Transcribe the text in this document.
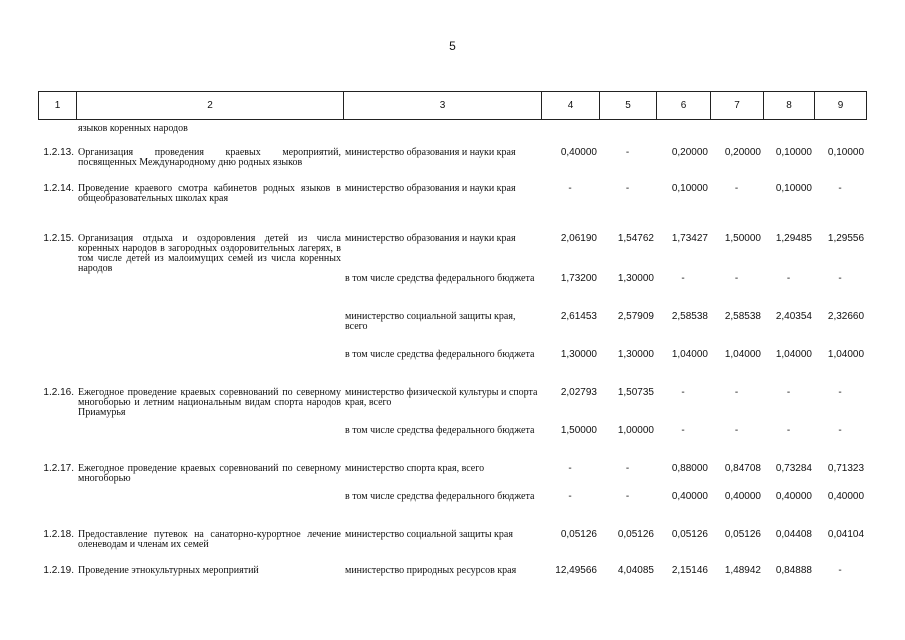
5
1	2	3	4	5	6	7	8	9
	языков коренных народов							
1.2.13.	Организация проведения краевых мероприятий, посвященных Международному дню родных языков	министерство образования и науки края	0,40000	-	0,20000	0,20000	0,10000	0,10000
1.2.14.	Проведение краевого смотра кабинетов родных языков в общеобразовательных школах края	министерство образования и науки края	-	-	0,10000	-	0,10000	-
1.2.15.	Организация отдыха и оздоровления детей из числа коренных народов в загородных оздоровительных лагерях, в том числе детей из малоимущих семей из числа коренных народов	министерство образования и науки края	2,06190	1,54762	1,73427	1,50000	1,29485	1,29556
		в том числе средства федерального бюджета	1,73200	1,30000	-	-	-	-
		министерство социальной защиты края, всего	2,61453	2,57909	2,58538	2,58538	2,40354	2,32660
		в том числе средства федерального бюджета	1,30000	1,30000	1,04000	1,04000	1,04000	1,04000
1.2.16.	Ежегодное проведение краевых соревнований по северному многоборью и летним национальным видам спорта народов Приамурья	министерство физической культуры и спорта края, всего	2,02793	1,50735	-	-	-	-
		в том числе средства федерального бюджета	1,50000	1,00000	-	-	-	-
1.2.17.	Ежегодное проведение краевых соревнований по северному многоборью	министерство спорта края, всего	-	-	0,88000	0,84708	0,73284	0,71323
		в том числе средства федерального бюджета	-	-	0,40000	0,40000	0,40000	0,40000
1.2.18.	Предоставление путевок на санаторно-курортное лечение оленеводам и членам их семей	министерство социальной защиты края	0,05126	0,05126	0,05126	0,05126	0,04408	0,04104
1.2.19.	Проведение этнокультурных мероприятий	министерство природных ресурсов края	12,49566	4,04085	2,15146	1,48942	0,84888	-
